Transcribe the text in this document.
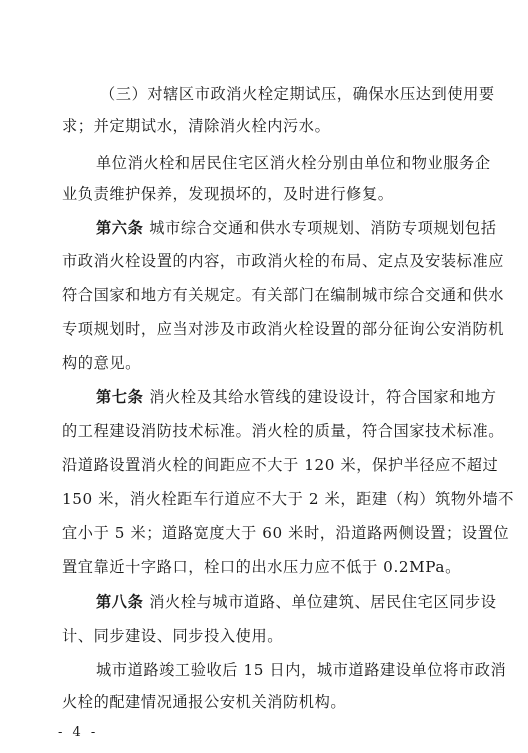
（三）对辖区市政消火栓定期试压，确保水压达到使用要
求；并定期试水，清除消火栓内污水。
单位消火栓和居民住宅区消火栓分别由单位和物业服务企
业负责维护保养，发现损坏的，及时进行修复。
第六条 城市综合交通和供水专项规划、消防专项规划包括
市政消火栓设置的内容，市政消火栓的布局、定点及安装标准应
符合国家和地方有关规定。有关部门在编制城市综合交通和供水
专项规划时，应当对涉及市政消火栓设置的部分征询公安消防机
构的意见。
第七条 消火栓及其给水管线的建设设计，符合国家和地方
的工程建设消防技术标准。消火栓的质量，符合国家技术标准。
沿道路设置消火栓的间距应不大于 120 米，保护半径应不超过
150 米，消火栓距车行道应不大于 2 米，距建（构）筑物外墙不
宜小于 5 米；道路宽度大于 60 米时，沿道路两侧设置；设置位
置宜靠近十字路口，栓口的出水压力应不低于 0.2MPa。
第八条 消火栓与城市道路、单位建筑、居民住宅区同步设
计、同步建设、同步投入使用。
城市道路竣工验收后 15 日内，城市道路建设单位将市政消
火栓的配建情况通报公安机关消防机构。
- 4 -
